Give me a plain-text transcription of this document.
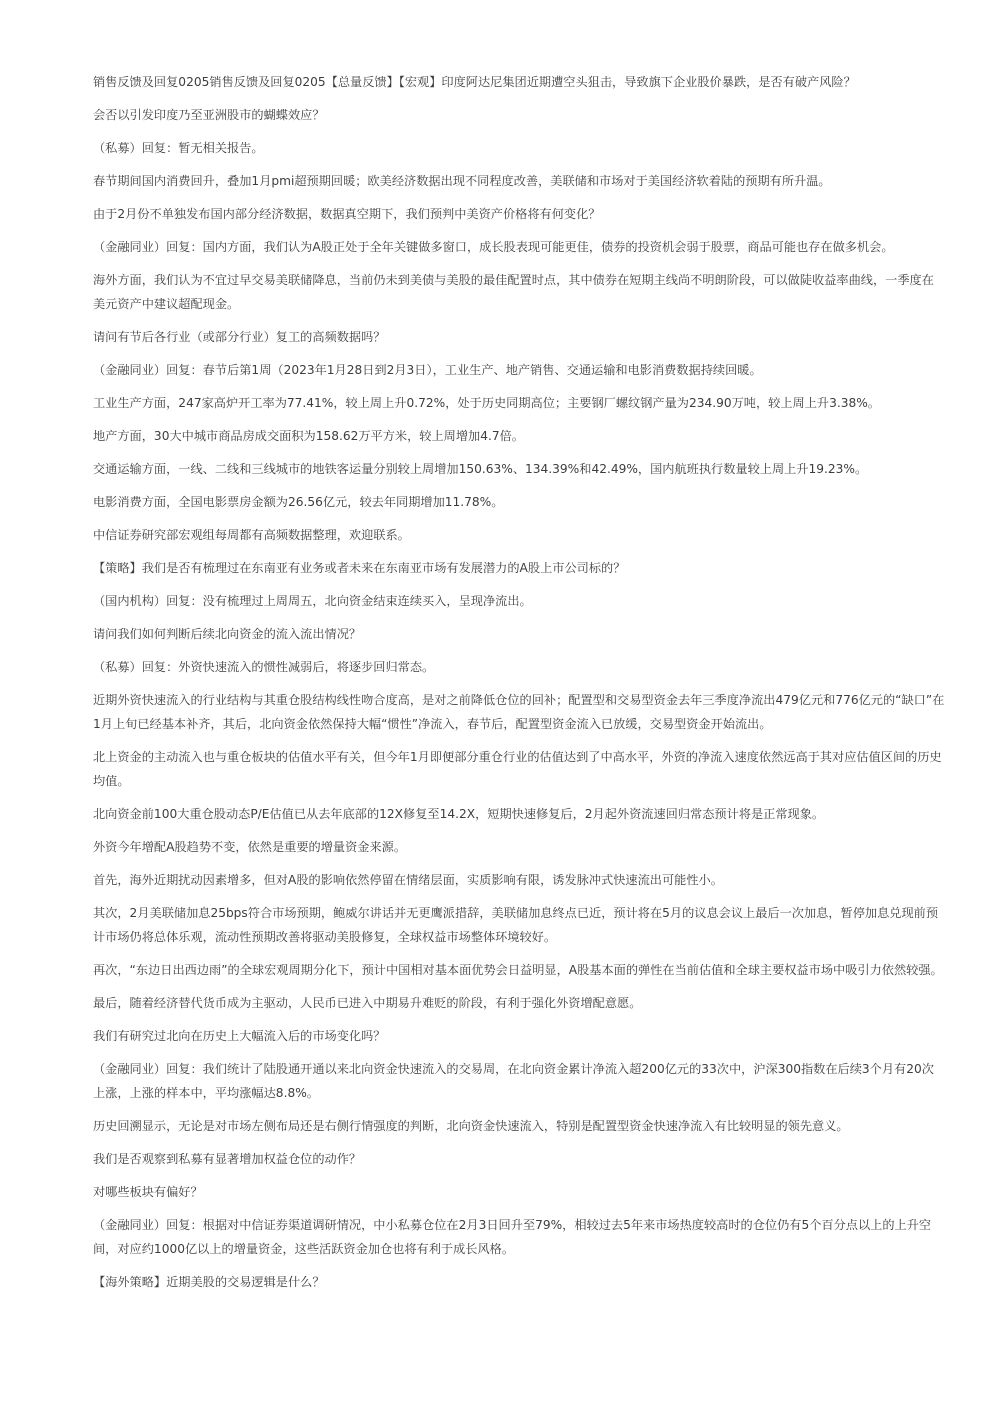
销售反馈及回复0205销售反馈及回复0205【总量反馈】【宏观】印度阿达尼集团近期遭空头狙击，导致旗下企业股价暴跌，是否有破产风险？

会否以引发印度乃至亚洲股市的蝴蝶效应？

（私募）回复：暂无相关报告。

春节期间国内消费回升，叠加1月pmi超预期回暖；欧美经济数据出现不同程度改善，美联储和市场对于美国经济软着陆的预期有所升温。

由于2月份不单独发布国内部分经济数据，数据真空期下，我们预判中美资产价格将有何变化？

（金融同业）回复：国内方面，我们认为A股正处于全年关键做多窗口，成长股表现可能更佳，债券的投资机会弱于股票，商品可能也存在做多机会。

海外方面，我们认为不宜过早交易美联储降息，当前仍未到美债与美股的最佳配置时点，其中债券在短期主线尚不明朗阶段，可以做陡收益率曲线，一季度在美元资产中建议超配现金。

请问有节后各行业（或部分行业）复工的高频数据吗？

（金融同业）回复：春节后第1周（2023年1月28日到2月3日），工业生产、地产销售、交通运输和电影消费数据持续回暖。

工业生产方面，247家高炉开工率为77.41%，较上周上升0.72%，处于历史同期高位；主要钢厂螺纹钢产量为234.90万吨，较上周上升3.38%。

地产方面，30大中城市商品房成交面积为158.62万平方米，较上周增加4.7倍。

交通运输方面，一线、二线和三线城市的地铁客运量分别较上周增加150.63%、134.39%和42.49%，国内航班执行数量较上周上升19.23%。

电影消费方面，全国电影票房金额为26.56亿元，较去年同期增加11.78%。

中信证券研究部宏观组每周都有高频数据整理，欢迎联系。

【策略】我们是否有梳理过在东南亚有业务或者未来在东南亚市场有发展潜力的A股上市公司标的？

（国内机构）回复：没有梳理过上周周五，北向资金结束连续买入，呈现净流出。

请问我们如何判断后续北向资金的流入流出情况？

（私募）回复：外资快速流入的惯性减弱后，将逐步回归常态。

近期外资快速流入的行业结构与其重仓股结构线性吻合度高，是对之前降低仓位的回补；配置型和交易型资金去年三季度净流出479亿元和776亿元的“缺口”在1月上旬已经基本补齐，其后，北向资金依然保持大幅“惯性”净流入，春节后，配置型资金流入已放缓，交易型资金开始流出。

北上资金的主动流入也与重仓板块的估值水平有关，但今年1月即便部分重仓行业的估值达到了中高水平，外资的净流入速度依然远高于其对应估值区间的历史均值。

北向资金前100大重仓股动态P/E估值已从去年底部的12X修复至14.2X，短期快速修复后，2月起外资流速回归常态预计将是正常现象。

外资今年增配A股趋势不变，依然是重要的增量资金来源。

首先，海外近期扰动因素增多，但对A股的影响依然停留在情绪层面，实质影响有限，诱发脉冲式快速流出可能性小。

其次，2月美联储加息25bps符合市场预期，鲍威尔讲话并无更鹰派措辞，美联储加息终点已近，预计将在5月的议息会议上最后一次加息，暂停加息兑现前预计市场仍将总体乐观，流动性预期改善将驱动美股修复，全球权益市场整体环境较好。

再次，“东边日出西边雨”的全球宏观周期分化下，预计中国相对基本面优势会日益明显，A股基本面的弹性在当前估值和全球主要权益市场中吸引力依然较强。

最后，随着经济替代货币成为主驱动，人民币已进入中期易升难贬的阶段，有利于强化外资增配意愿。

我们有研究过北向在历史上大幅流入后的市场变化吗？

（金融同业）回复：我们统计了陆股通开通以来北向资金快速流入的交易周，在北向资金累计净流入超200亿元的33次中，沪深300指数在后续3个月有20次上涨，上涨的样本中，平均涨幅达8.8%。

历史回溯显示，无论是对市场左侧布局还是右侧行情强度的判断，北向资金快速流入，特别是配置型资金快速净流入有比较明显的领先意义。

我们是否观察到私募有显著增加权益仓位的动作？

对哪些板块有偏好？

（金融同业）回复：根据对中信证券渠道调研情况，中小私募仓位在2月3日回升至79%，相较过去5年来市场热度较高时的仓位仍有5个百分点以上的上升空间，对应约1000亿以上的增量资金，这些活跃资金加仓也将有利于成长风格。

【海外策略】近期美股的交易逻辑是什么？
